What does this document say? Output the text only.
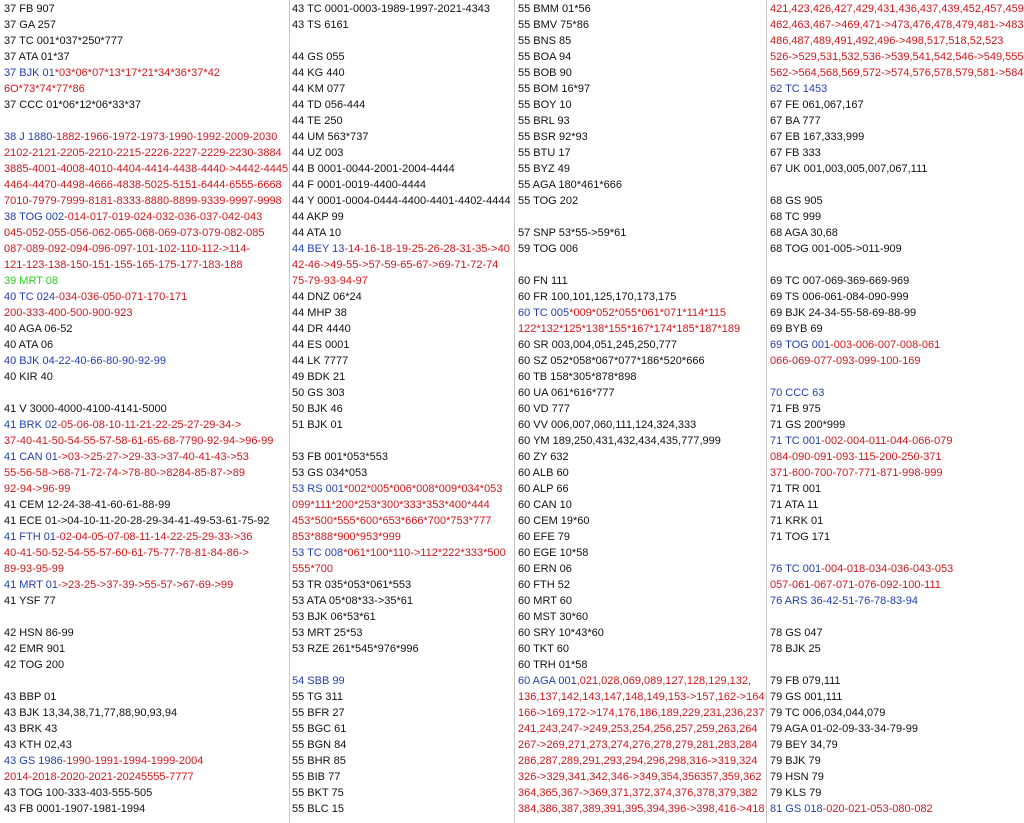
37 FB 907
37 GA 257
37 TC 001*037*250*777
37 ATA 01*37
37 BJK 01*03*06*07*13*17*21*34*36*37*42
6O*73*74*77*86
37 CCC 01*06*12*06*33*37
38 J 1880-1882-1966-1972-1973-1990-1992-2009-2030
2102-2121-2205-2210-2215-2226-2227-2229-2230-3884
3885-4001-4008-4010-4404-4414-4438-4440->4442-4445
4464-4470-4498-4666-4838-5025-5151-6444-6555-6668
7010-7979-7999-8181-8333-8880-8899-9339-9997-9998
38 TOG 002-014-017-019-024-032-036-037-042-043
045-052-055-056-062-065-068-069-073-079-082-085
087-089-092-094-096-097-101-102-110-112->114-
121-123-138-150-151-155-165-175-177-183-188
39 MRT 08
40 TC 024-034-036-050-071-170-171
200-333-400-500-900-923
40 AGA 06-52
40 ATA 06
40 BJK 04-22-40-66-80-90-92-99
40 KIR 40
41 V 3000-4000-4100-4141-5000
41 BRK 02-05-06-08-10-11-21-22-25-27-29-34->
37-40-41-50-54-55-57-58-61-65-68-7790-92-94->96-99
41 CAN 01->03->25-27->29-33->37-40-41-43->53
55-56-58->68-71-72-74->78-80->8284-85-87->89
92-94->96-99
41 CEM 12-24-38-41-60-61-88-99
41 ECE 01->04-10-11-20-28-29-34-41-49-53-61-75-92
41 FTH 01-02-04-05-07-08-11-14-22-25-29-33->36
40-41-50-52-54-55-57-60-61-75-77-78-81-84-86->
89-93-95-99
41 MRT 01->23-25->37-39->55-57->67-69->99
41 YSF 77
42 HSN 86-99
42 EMR 901
42 TOG 200
43 BBP 01
43 BJK 13,34,38,71,77,88,90,93,94
43 BRK 43
43 KTH 02,43
43 GS 1986-1990-1991-1994-1999-2004
2014-2018-2020-2021-20245555-7777
43 TOG 100-333-403-555-505
43 FB 0001-1907-1981-1994
43 TC 0001-0003-1989-1997-2021-4343
43 TS 6161
44 GS 055
44 KG 440
44 KM 077
44 TD 056-444
44 TE 250
44 UM 563*737
44 UZ 003
44 B 0001-0044-2001-2004-4444
44 F 0001-0019-4400-4444
44 Y 0001-0004-0444-4400-4401-4402-4444
44 AKP 99
44 ATA 10
44 BEY 13-14-16-18-19-25-26-28-31-35->40
42-46->49-55->57-59-65-67->69-71-72-74
75-79-93-94-97
44 DNZ 06*24
44 MHP 38
44 DR 4440
44 ES 0001
44 LK 7777
49 BDK 21
50 GS 303
50 BJK 46
51 BJK 01
53 FB 001*053*553
53 GS 034*053
53 RS 001*002*005*006*008*009*034*053
099*111*200*253*300*333*353*400*444
453*500*555*600*653*666*700*753*777
853*888*900*953*999
53 TC 008*061*100*110->112*222*333*500
555*700
53 TR 035*053*061*553
53 ATA 05*08*33->35*61
53 BJK 06*53*61
53 MRT 25*53
53 RZE 261*545*976*996
54 SBB 99
55 TG 311
55 BFR 27
55 BGC 61
55 BGN 84
55 BHR 85
55 BIB 77
55 BKT 75
55 BLC 15
55 BMM 01*56
55 BMV 75*86
55 BNS 85
55 BOA 94
55 BOB 90
55 BOM 16*97
55 BOY 10
55 BRL 93
55 BSR 92*93
55 BTU 17
55 BYZ 49
55 AGA 180*461*666
55 TOG 202
57 SNP 53*55->59*61
59 TOG 006
60 FN 111
60 FR 100,101,125,170,173,175
60 TC 005*009*052*055*061*071*114*115
122*132*125*138*155*167*174*185*187*189
60 SR 003,004,051,245,250,777
60 SZ 052*058*067*077*186*520*666
60 TB 158*305*878*898
60 UA 061*616*777
60 VD 777
60 VV 006,007,060,111,124,324,333
60 YM 189,250,431,432,434,435,777,999
60 ZY 632
60 ALB 60
60 ALP 66
60 CAN 10
60 CEM 19*60
60 EFE 79
60 EGE 10*58
60 ERN 06
60 FTH 52
60 MRT 60
60 MST 30*60
60 SRY 10*43*60
60 TKT 60
60 TRH 01*58
60 AGA 001,021,028,069,089,127,128,129,132,
136,137,142,143,147,148,149,153->157,162->164
166->169,172->174,176,186,189,229,231,236,237
241,243,247->249,253,254,256,257,259,263,264
267->269,271,273,274,276,278,279,281,283,284
286,287,289,291,293,294,296,298,316->319,324
326->329,341,342,346->349,354,356357,359,362
364,365,367->369,371,372,374,376,378,379,382
384,386,387,389,391,395,394,396->398,416->418
421,423,426,427,429,431,436,437,439,452,457,459
462,463,467->469,471->473,476,478,479,481->483
486,487,489,491,492,496->498,517,518,52,523
526->529,531,532,536->539,541,542,546->549,555
562->564,568,569,572->574,576,578,579,581->584
62 TC 1453
67 FE 061,067,167
67 BA 777
67 EB 167,333,999
67 FB 333
67 UK 001,003,005,007,067,111
68 GS 905
68 TC 999
68 AGA 30,68
68 TOG 001-005->011-909
69 TC 007-069-369-669-969
69 TS 006-061-084-090-999
69 BJK 24-34-55-58-69-88-99
69 BYB 69
69 TOG 001-003-006-007-008-061
066-069-077-093-099-100-169
70 CCC 63
71 FB 975
71 GS 200*999
71 TC 001-002-004-011-044-066-079
084-090-091-093-115-200-250-371
371-600-700-707-771-871-998-999
71 TR 001
71 ATA 11
71 KRK 01
71 TOG 171
76 TC 001-004-018-034-036-043-053
057-061-067-071-076-092-100-111
76 ARS 36-42-51-76-78-83-94
78 GS 047
78 BJK 25
79 FB 079,111
79 GS 001,111
79 TC 006,034,044,079
79 AGA 01-02-09-33-34-79-99
79 BEY 34,79
79 BJK 79
79 HSN 79
79 KLS 79
81 GS 018-020-021-053-080-082
